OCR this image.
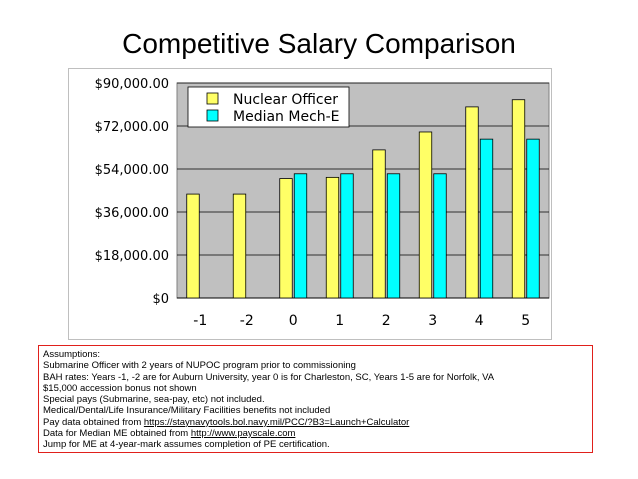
Competitive Salary Comparison
$0
$18,000.00
$36,000.00
$54,000.00
$72,000.00
$90,000.00
-1 -2	0	1	2	3	4	5
Nuclear Officer
Median Mech-E
Assumptions:
Submarine Officer with 2 years of NUPOC program prior to commissioning
BAH rates: Years -1, -2 are for Auburn University, year 0 is for Charleston, SC, Years 1-5 are for Norfolk, VA
$15,000 accession bonus not shown
Special pays (Submarine, sea-pay, etc) not included.
Medical/Dental/Life Insurance/Military Facilities benefits not included
Pay data obtained from https://staynavytools.bol.navy.mil/PCC/?B3=Launch+Calculator
Data for Median ME obtained from http://www.payscale.com
Jump for ME at 4-year-mark assumes completion of PE certification.
